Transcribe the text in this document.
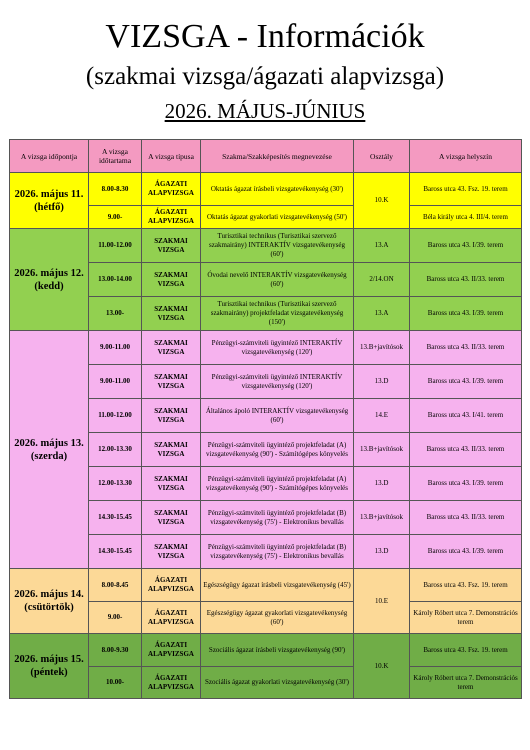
VIZSGA - Információk
(szakmai vizsga/ágazati alapvizsga)
2026. MÁJUS-JÚNIUS
A vizsga időpontja	A vizsga időtartama	A vizsga típusa	Szakma/Szakképesítés megnevezése	Osztály	A vizsga helyszín
2026. május 11. (hétfő)	8.00-8.30	ÁGAZATI ALAPVIZSGA	Oktatás ágazat írásbeli vizsgatevékenység (30')	10.K	Baross utca 43. Fsz. 19. terem
	9.00-	ÁGAZATI ALAPVIZSGA	Oktatás ágazat gyakorlati vizsgatevékenység (50')		Béla király utca 4. III/4. terem
2026. május 12. (kedd)	11.00-12.00	SZAKMAI VIZSGA	Turisztikai technikus (Turisztikai szervező szakmairány) INTERAKTÍV vizsgatevékenység (60')	13.A	Baross utca 43. I/39. terem
	13.00-14.00	SZAKMAI VIZSGA	Óvodai nevelő INTERAKTÍV vizsgatevékenység (60')	2/14.ON	Baross utca 43. II/33. terem
	13.00-	SZAKMAI VIZSGA	Turisztikai technikus (Turisztikai szervező szakmairány) projektfeladat vizsgatevékenység (150')	13.A	Baross utca 43. I/39. terem
2026. május 13. (szerda)	9.00-11.00	SZAKMAI VIZSGA	Pénzügyi-számviteli ügyintéző INTERAKTÍV vizsgatevékenység (120')	13.B+javítósok	Baross utca 43. II/33. terem
	9.00-11.00	SZAKMAI VIZSGA	Pénzügyi-számviteli ügyintéző INTERAKTÍV vizsgatevékenység (120')	13.D	Baross utca 43. I/39. terem
	11.00-12.00	SZAKMAI VIZSGA	Általános ápoló INTERAKTÍV vizsgatevékenység (60')	14.E	Baross utca 43. I/41. terem
	12.00-13.30	SZAKMAI VIZSGA	Pénzügyi-számviteli ügyintéző projektfeladat (A) vizsgatevékenység (90') - Számítógépes könyvelés	13.B+javítósok	Baross utca 43. II/33. terem
	12.00-13.30	SZAKMAI VIZSGA	Pénzügyi-számviteli ügyintéző projektfeladat (A) vizsgatevékenység (90') - Számítógépes könyvelés	13.D	Baross utca 43. I/39. terem
	14.30-15.45	SZAKMAI VIZSGA	Pénzügyi-számviteli ügyintéző projektfeladat (B) vizsgatevékenység (75') - Elektronikus bevallás	13.B+javítósok	Baross utca 43. II/33. terem
	14.30-15.45	SZAKMAI VIZSGA	Pénzügyi-számviteli ügyintéző projektfeladat (B) vizsgatevékenység (75') - Elektronikus bevallás	13.D	Baross utca 43. I/39. terem
2026. május 14. (csütörtök)	8.00-8.45	ÁGAZATI ALAPVIZSGA	Egészségügy ágazat írásbeli vizsgatevékenység (45')	10.E	Baross utca 43. Fsz. 19. terem
	9.00-	ÁGAZATI ALAPVIZSGA	Egészségügy ágazat gyakorlati vizsgatevékenység (60')		Károly Róbert utca 7. Demonstrációs terem
2026. május 15. (péntek)	8.00-9.30	ÁGAZATI ALAPVIZSGA	Szociális ágazat írásbeli vizsgatevékenység (90')	10.K	Baross utca 43. Fsz. 19. terem
	10.00-	ÁGAZATI ALAPVIZSGA	Szociális ágazat gyakorlati vizsgatevékenység (30')		Károly Róbert utca 7. Demonstrációs terem
